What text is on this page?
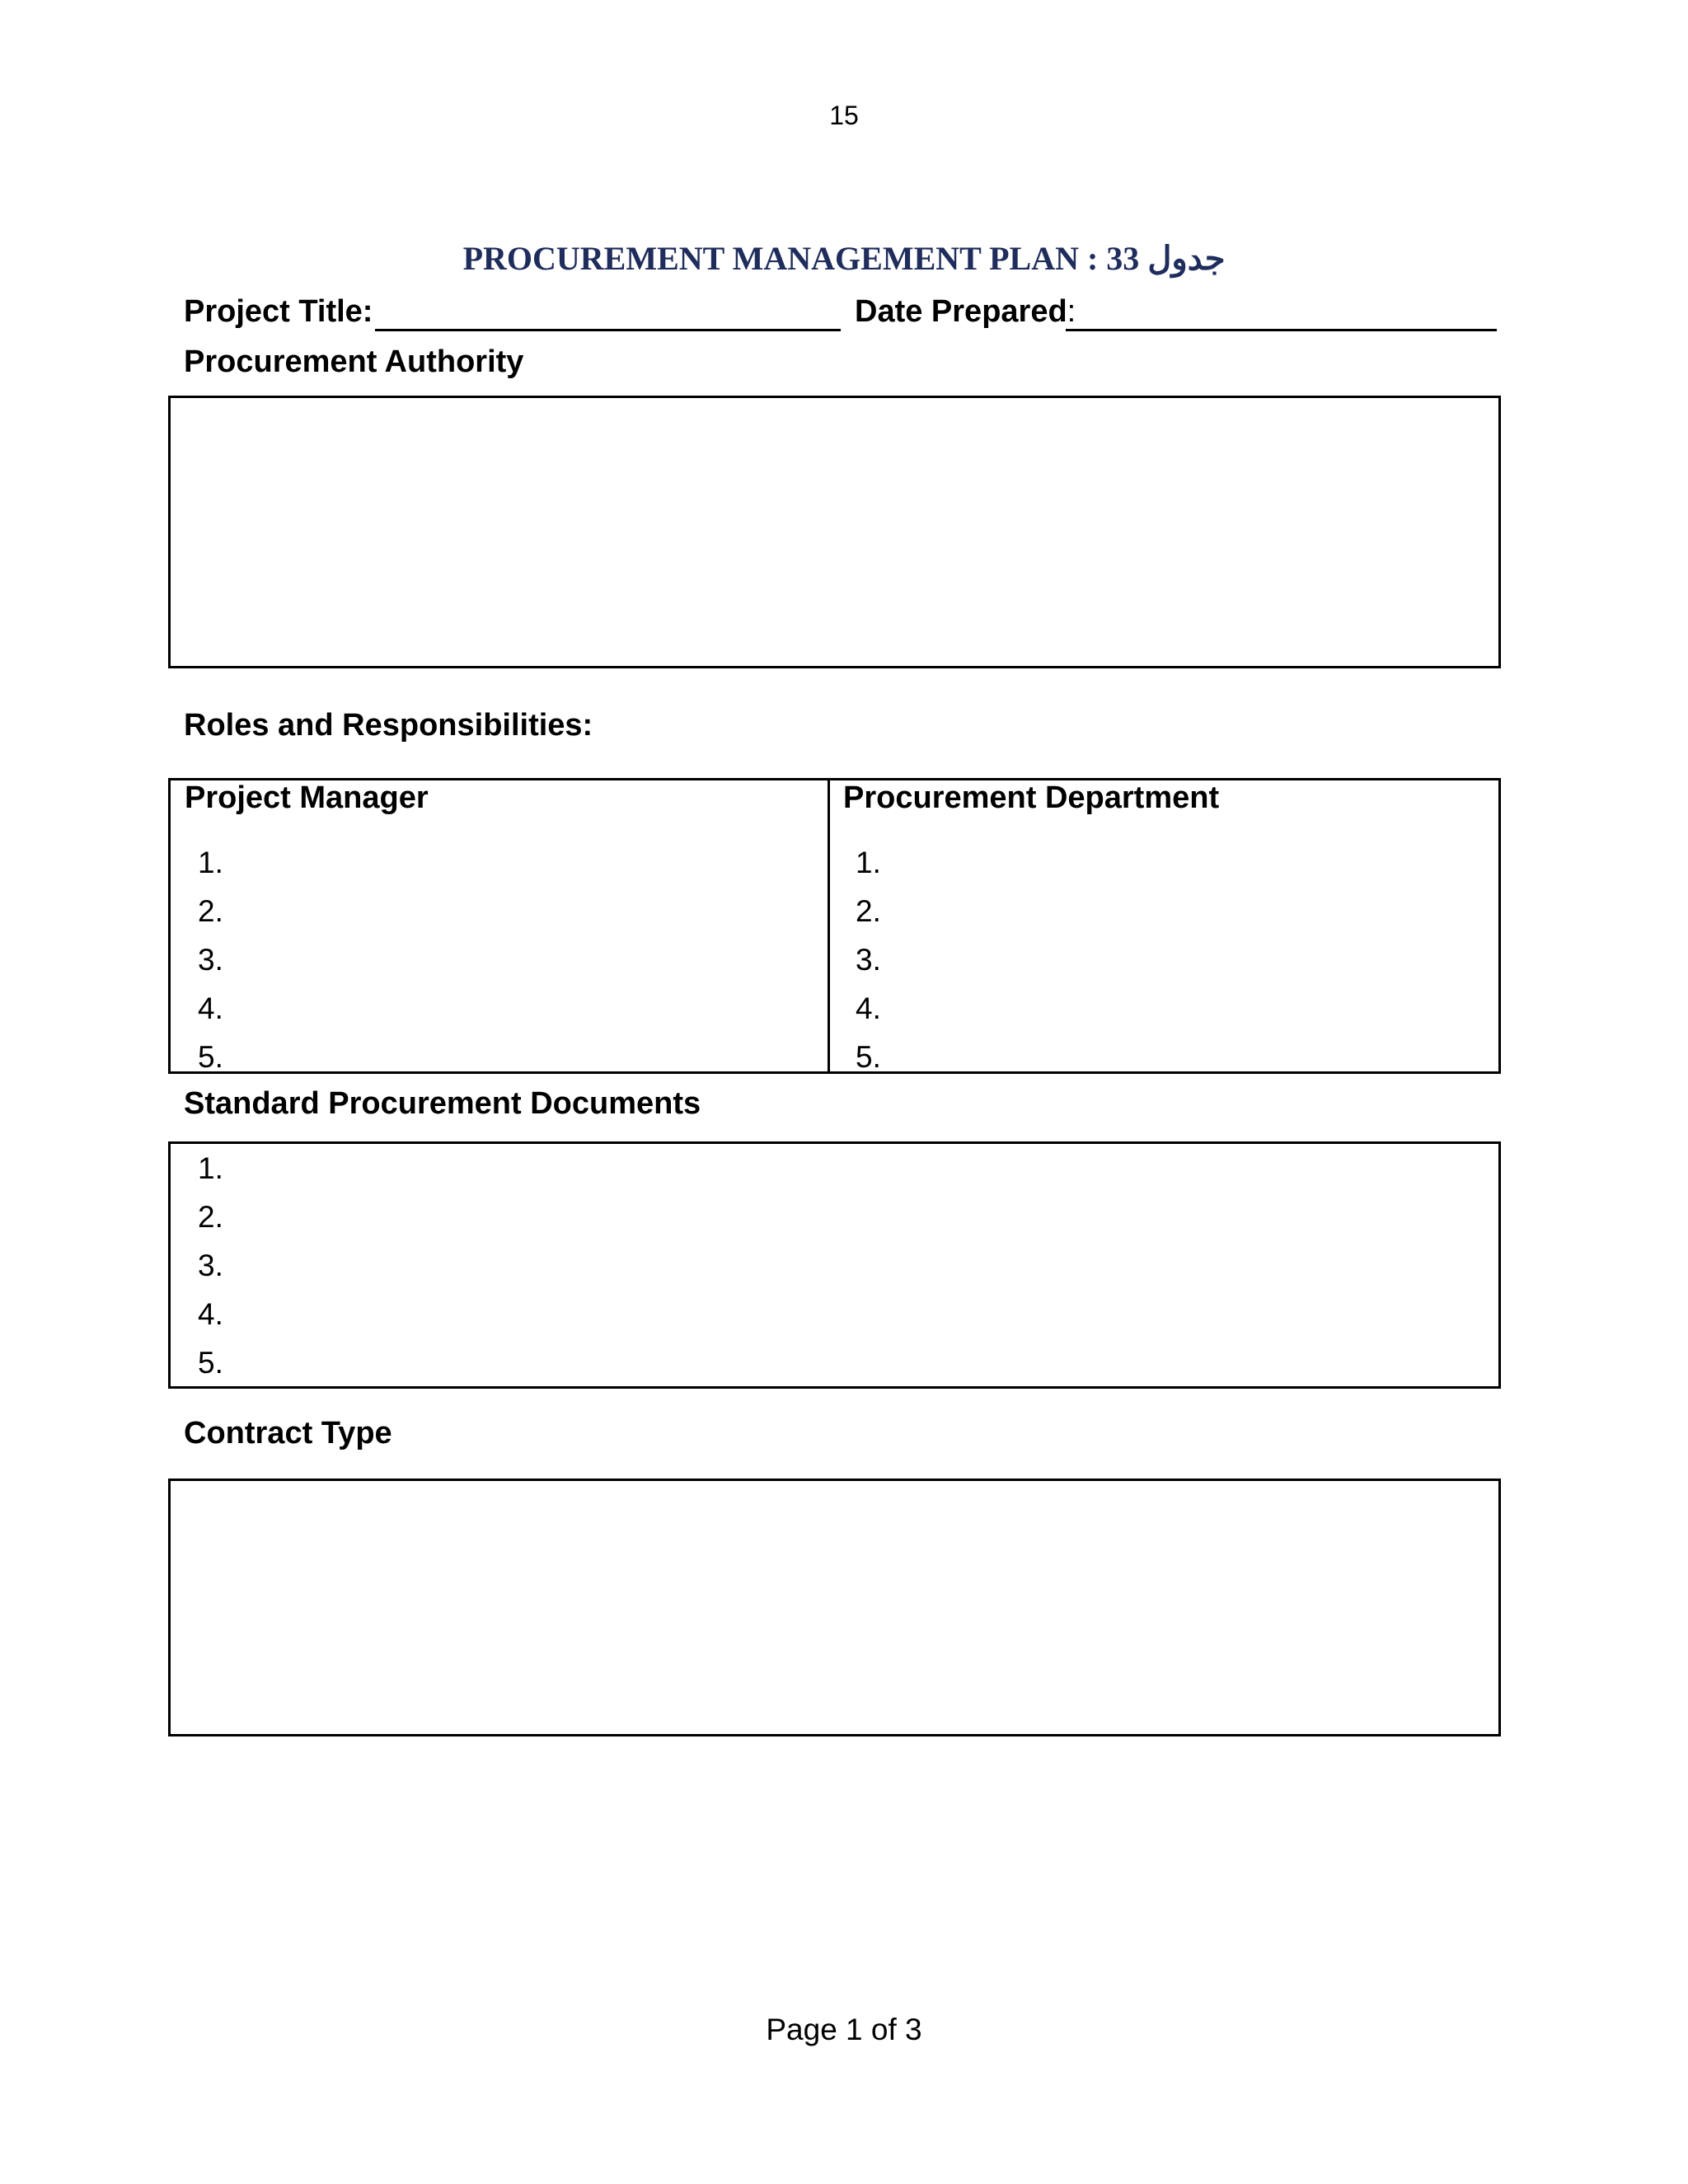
15
PROCUREMENT MANAGEMENT PLAN : 33 جدول
Project Title:	Date Prepared:
Procurement Authority
Roles and Responsibilities:
Project Manager	Procurement Department
1.
2.
3.
4.
5.
1.
2.
3.
4.
5.
Standard Procurement Documents
1.
2.
3.
4.
5.
Contract Type
Page 1 of 3
